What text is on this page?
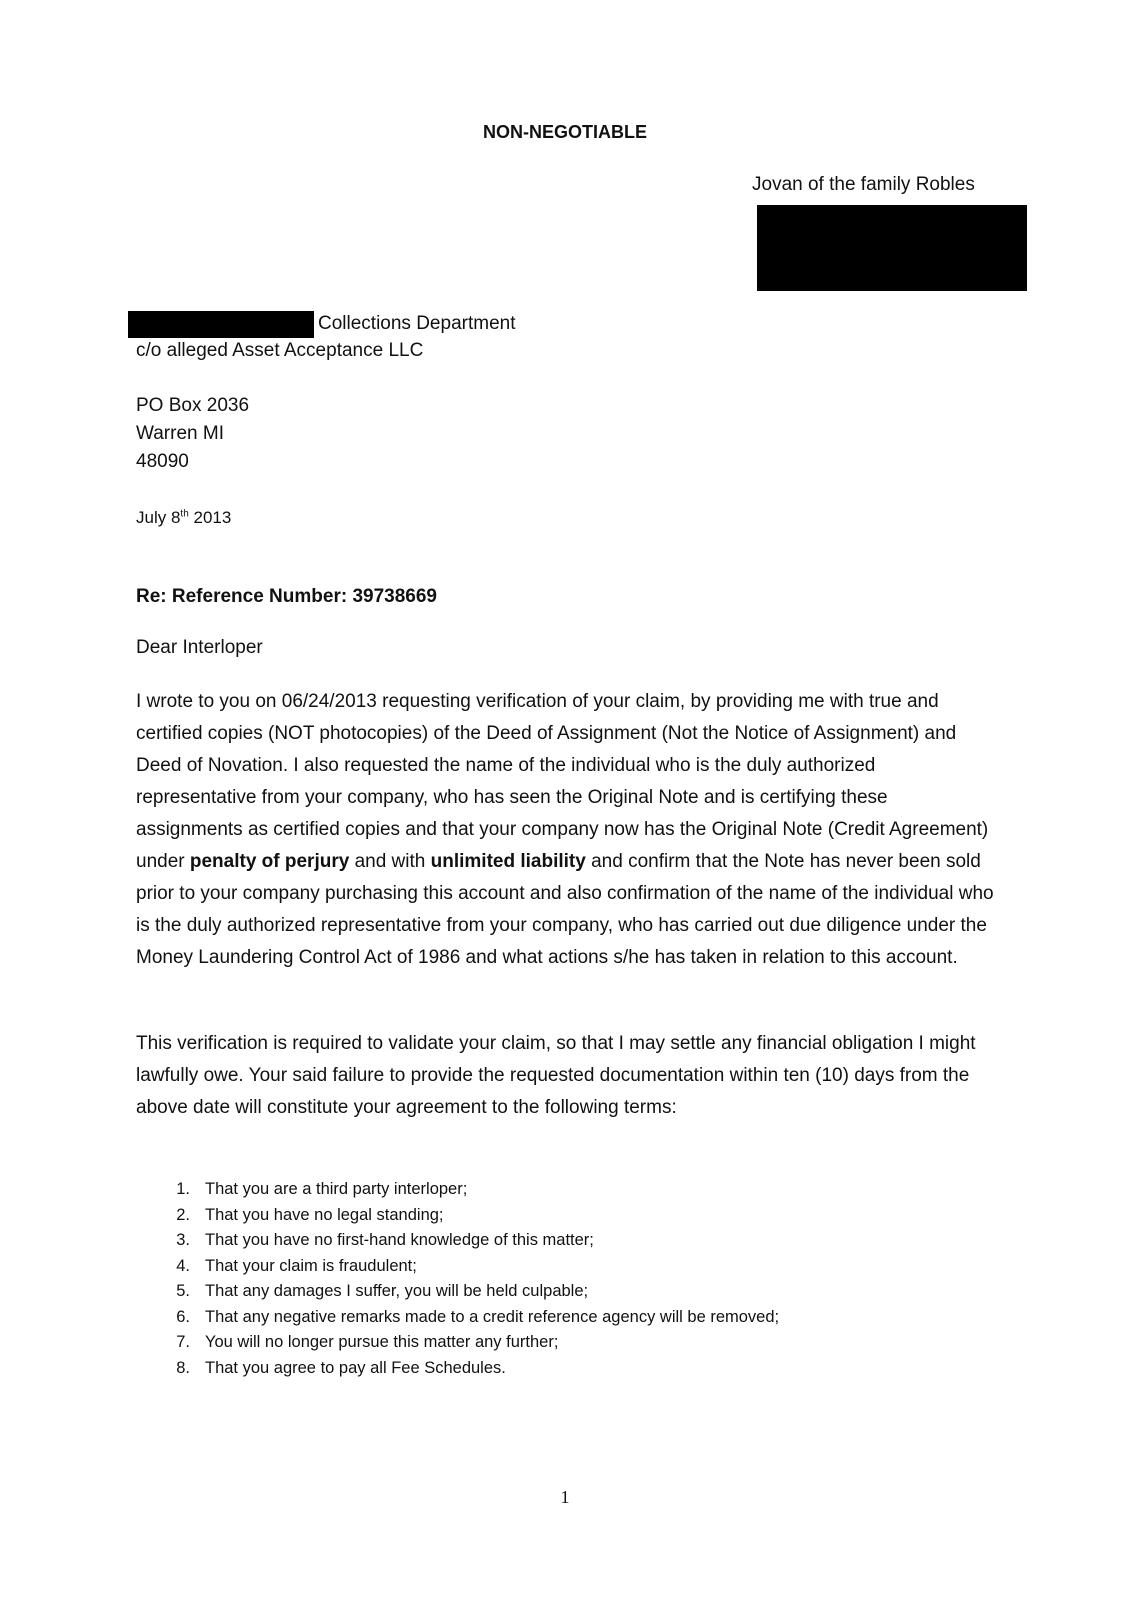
NON-NEGOTIABLE
Jovan of the family Robles
Collections Department
c/o alleged Asset Acceptance LLC
PO Box 2036
Warren MI
48090
July 8th 2013
Re: Reference Number: 39738669
Dear Interloper

I wrote to you on 06/24/2013 requesting verification of your claim, by providing me with true and certified copies (NOT photocopies) of the Deed of Assignment (Not the Notice of Assignment) and Deed of Novation. I also requested the name of the individual who is the duly authorized representative from your company, who has seen the Original Note and is certifying these assignments as certified copies and that your company now has the Original Note (Credit Agreement) under penalty of perjury and with unlimited liability and confirm that the Note has never been sold prior to your company purchasing this account and also confirmation of the name of the individual who is the duly authorized representative from your company, who has carried out due diligence under the Money Laundering Control Act of 1986 and what actions s/he has taken in relation to this account.

This verification is required to validate your claim, so that I may settle any financial obligation I might lawfully owe. Your said failure to provide the requested documentation within ten (10) days from the above date will constitute your agreement to the following terms:

1. That you are a third party interloper;
2. That you have no legal standing;
3. That you have no first-hand knowledge of this matter;
4. That your claim is fraudulent;
5. That any damages I suffer, you will be held culpable;
6. That any negative remarks made to a credit reference agency will be removed;
7. You will no longer pursue this matter any further;
8. That you agree to pay all Fee Schedules.
1
